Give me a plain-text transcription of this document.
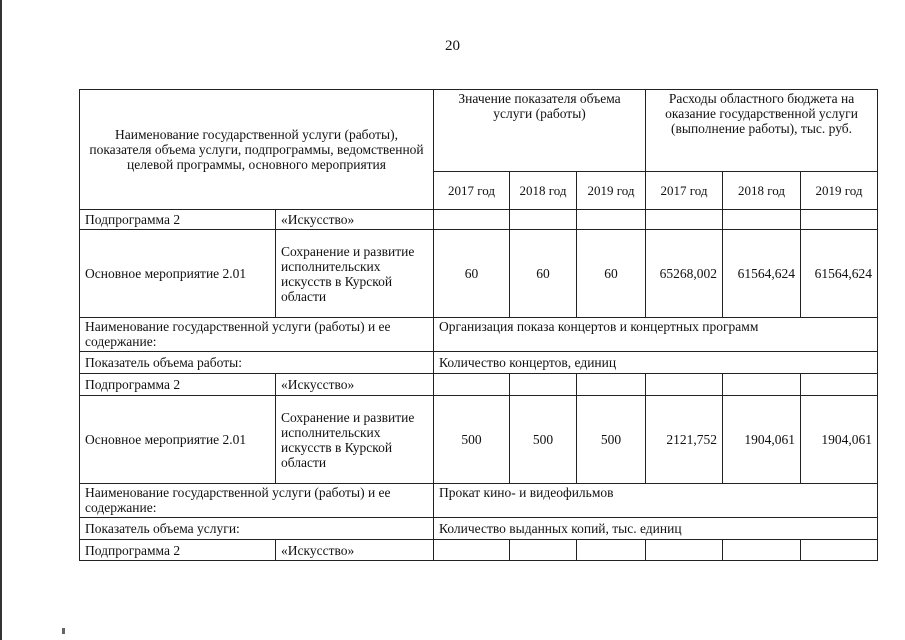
20
Наименование государственной услуги (работы), показателя объема услуги, подпрограммы, ведомственной целевой программы, основного мероприятия		Значение показателя объема услуги (работы)			Расходы областного бюджета на оказание государственной услуги (выполнение работы), тыс. руб.		
		2017 год	2018 год	2019 год	2017 год	2018 год	2019 год
Подпрограмма 2	«Искусство»						
Основное мероприятие 2.01	Сохранение и развитие исполнительских искусств в Курской области	60	60	60	65268,002	61564,624	61564,624
Наименование государственной услуги (работы) и ее содержание:		Организация показа концертов и концертных программ					
Показатель объема работы:		Количество концертов, единиц					
Подпрограмма 2	«Искусство»						
Основное мероприятие 2.01	Сохранение и развитие исполнительских искусств в Курской области	500	500	500	2121,752	1904,061	1904,061
Наименование государственной услуги (работы) и ее содержание:		Прокат кино- и видеофильмов					
Показатель объема услуги:		Количество выданных копий, тыс. единиц					
Подпрограмма 2	«Искусство»						
